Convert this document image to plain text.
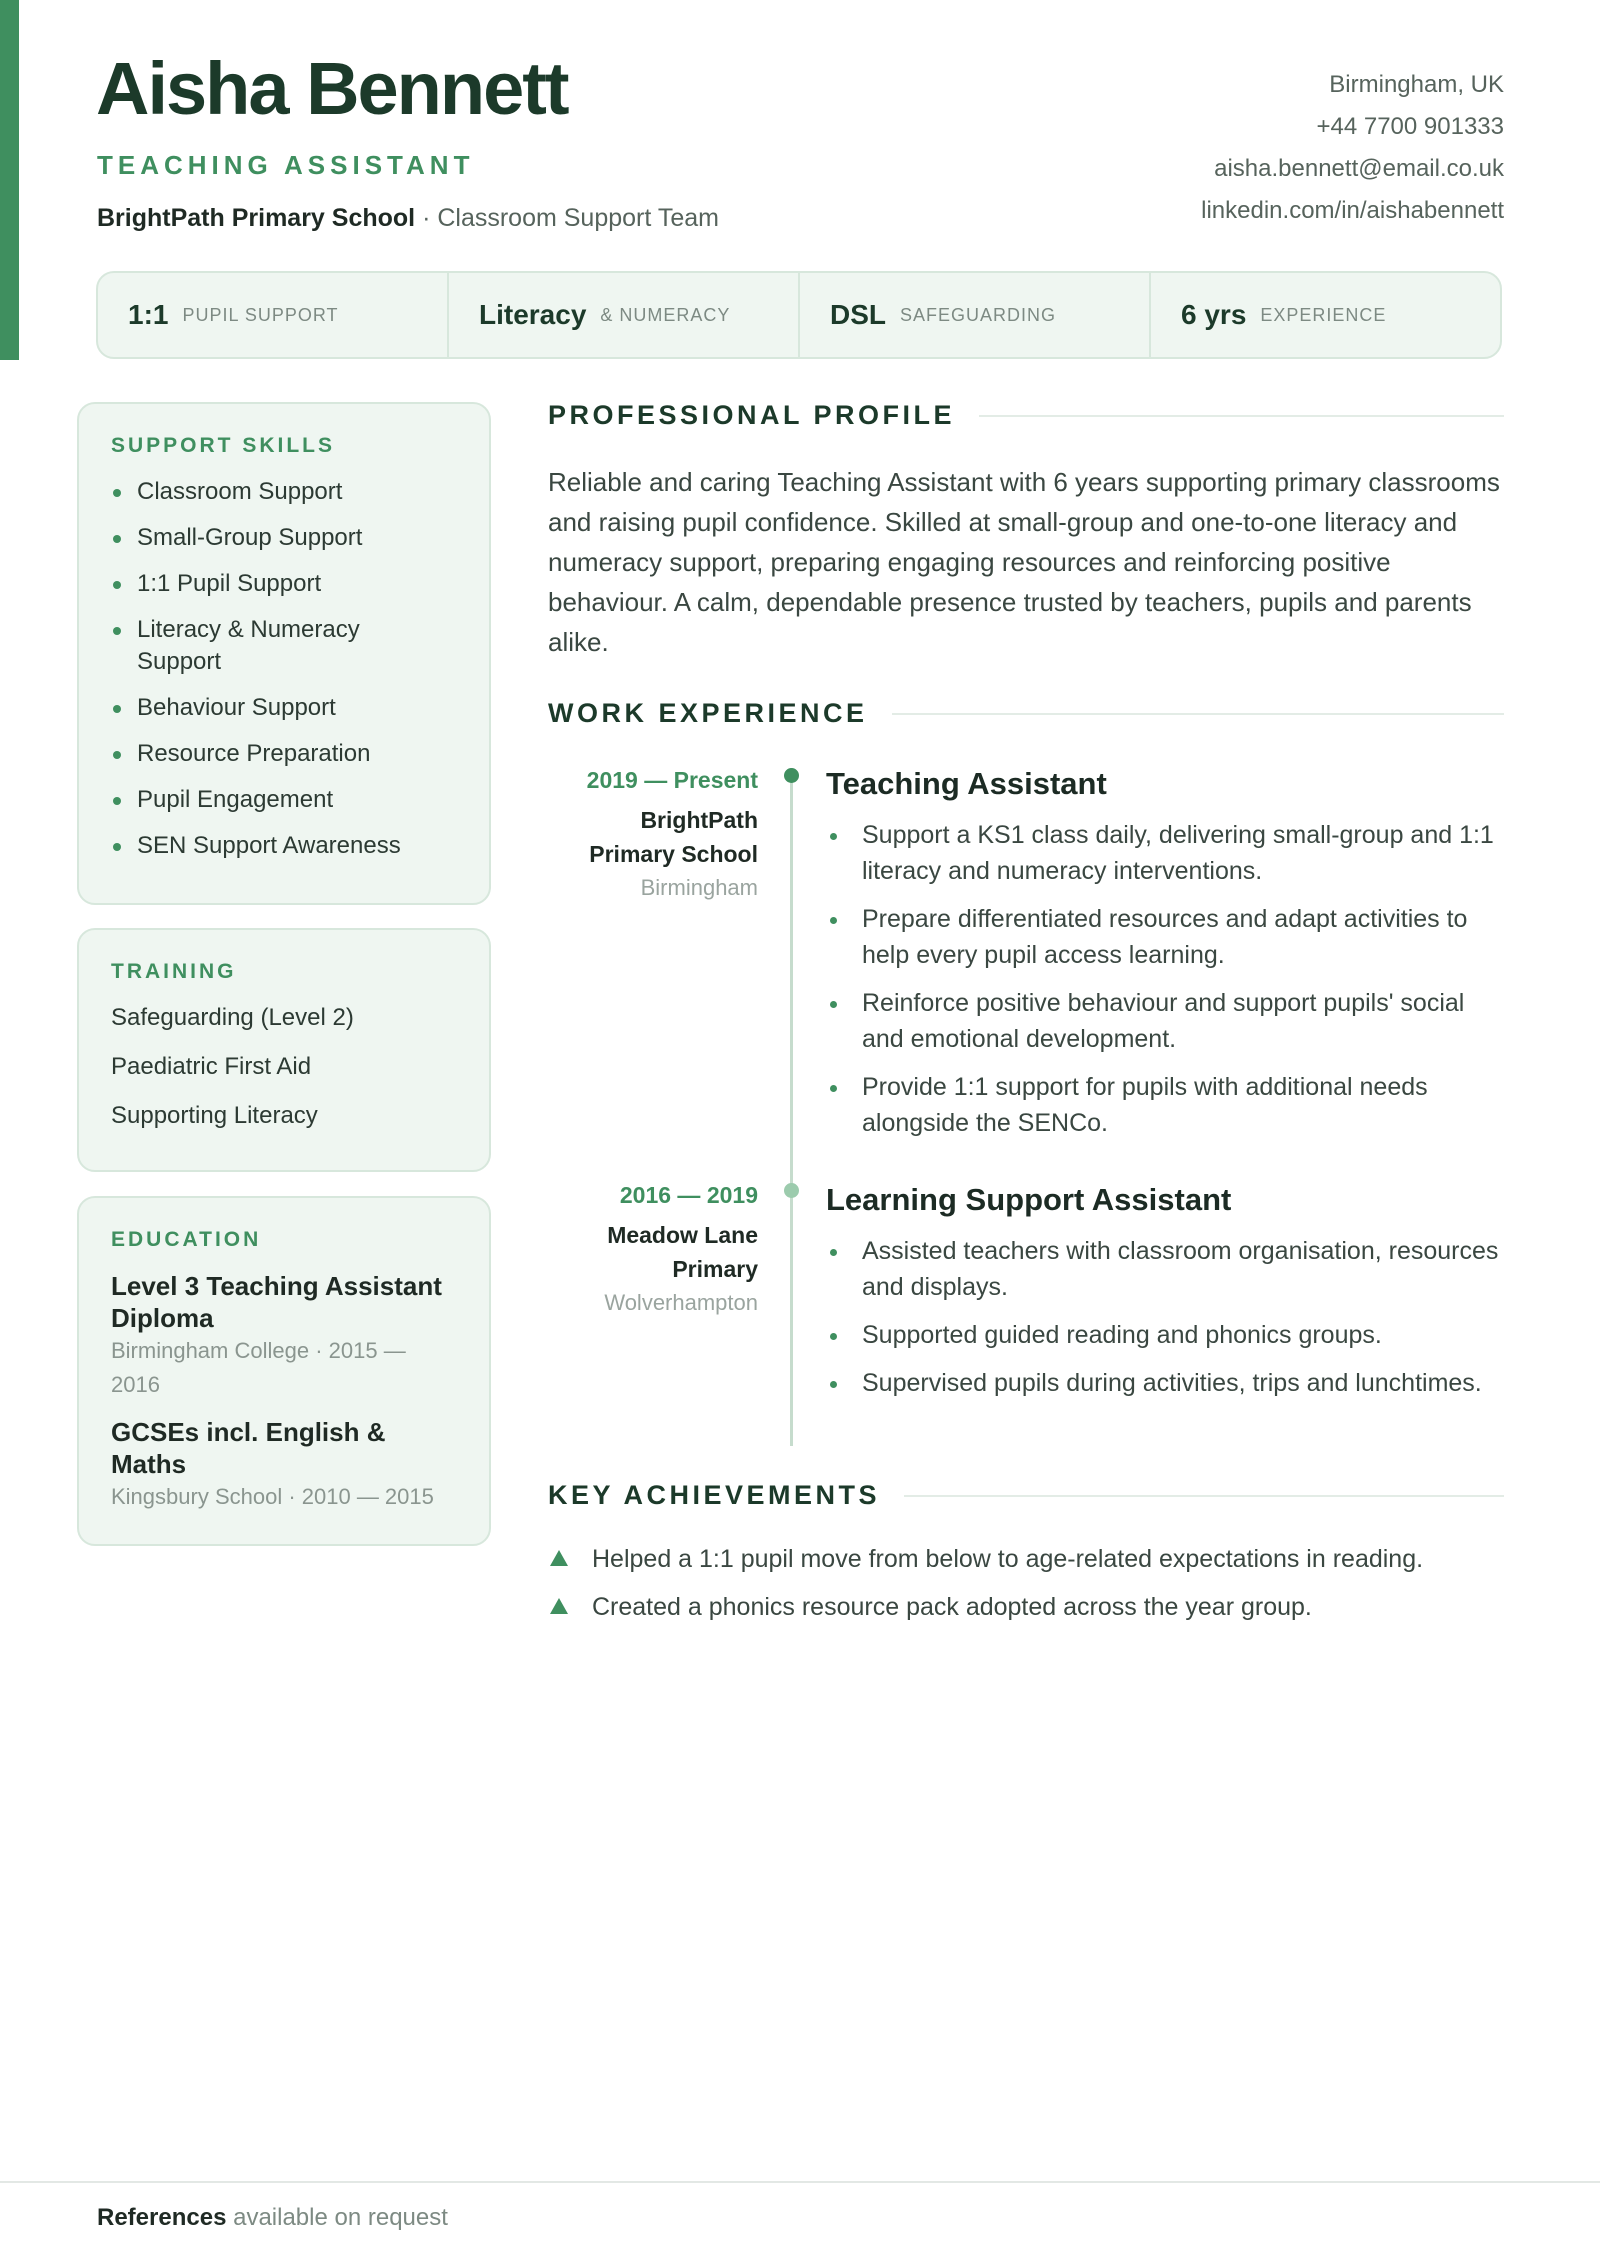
Aisha Bennett
TEACHING ASSISTANT
BrightPath Primary School · Classroom Support Team
Birmingham, UK
+44 7700 901333
aisha.bennett@email.co.uk
linkedin.com/in/aishabennett
1:1 PUPIL SUPPORT	Literacy & NUMERACY	DSL SAFEGUARDING	6 yrs EXPERIENCE
SUPPORT SKILLS
Classroom Support
Small-Group Support
1:1 Pupil Support
Literacy & Numeracy Support
Behaviour Support
Resource Preparation
Pupil Engagement
SEN Support Awareness
TRAINING
Safeguarding (Level 2)
Paediatric First Aid
Supporting Literacy
EDUCATION
Level 3 Teaching Assistant Diploma
Birmingham College · 2015 — 2016
GCSEs incl. English & Maths
Kingsbury School · 2010 — 2015
PROFESSIONAL PROFILE

Reliable and caring Teaching Assistant with 6 years supporting primary classrooms and raising pupil confidence. Skilled at small-group and one-to-one literacy and numeracy support, preparing engaging resources and reinforcing positive behaviour. A calm, dependable presence trusted by teachers, pupils and parents alike.

WORK EXPERIENCE
2019 — Present
BrightPath Primary School
Birmingham
Teaching Assistant
Support a KS1 class daily, delivering small-group and 1:1 literacy and numeracy interventions.
Prepare differentiated resources and adapt activities to help every pupil access learning.
Reinforce positive behaviour and support pupils' social and emotional development.
Provide 1:1 support for pupils with additional needs alongside the SENCo.
2016 — 2019
Meadow Lane Primary
Wolverhampton
Learning Support Assistant
Assisted teachers with classroom organisation, resources and displays.
Supported guided reading and phonics groups.
Supervised pupils during activities, trips and lunchtimes.
KEY ACHIEVEMENTS
Helped a 1:1 pupil move from below to age-related expectations in reading.
Created a phonics resource pack adopted across the year group.
References available on request
